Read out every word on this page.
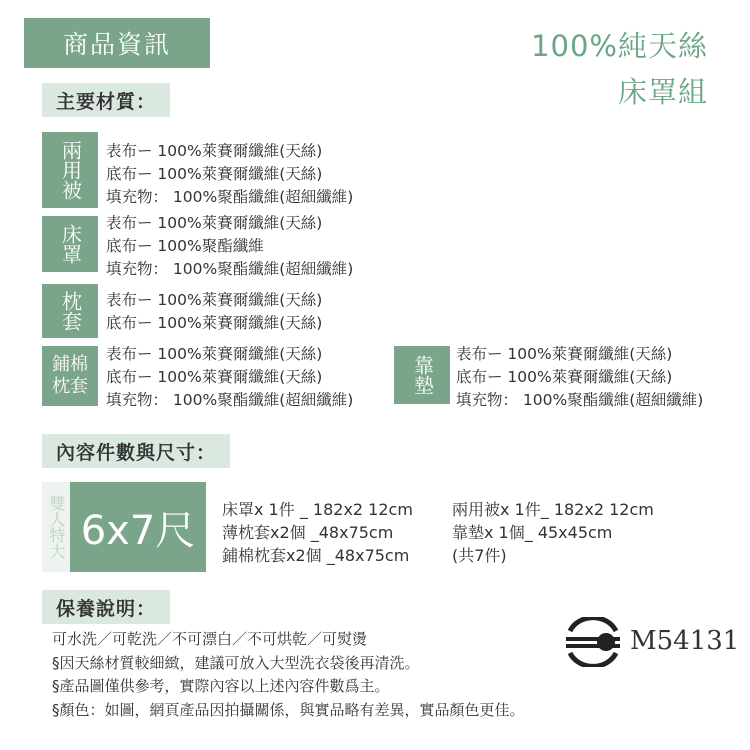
商品資訊	100%純天絲
床罩組
主要材質：
兩用被	表布ー 100%萊賽爾纖維(天絲)
底布ー 100%萊賽爾纖維(天絲)
填充物： 100%聚酯纖維(超細纖維)
床罩
表布ー 100%萊賽爾纖維(天絲)
底布ー 100%聚酯纖維
填充物： 100%聚酯纖維(超細纖維)
枕套	表布ー 100%萊賽爾纖維(天絲)
底布ー 100%萊賽爾纖維(天絲)
鋪棉
枕套
表布ー 100%萊賽爾纖維(天絲)
底布ー 100%萊賽爾纖維(天絲)
填充物： 100%聚酯纖維(超細纖維)
靠墊
表布ー 100%萊賽爾纖維(天絲)
底布ー 100%萊賽爾纖維(天絲)
填充物： 100%聚酯纖維(超細纖維)
內容件數與尺寸：
雙人特大 6x7尺	床罩x 1件 _ 182x2 12cm
薄枕套x2個 _48x75cm
鋪棉枕套x2個 _48x75cm
兩用被x 1件_ 182x2 12cm
靠墊x 1個_ 45x45cm
(共7件)
保養說明：
可水洗／可乾洗／不可漂白／不可烘乾／可熨燙
§因天絲材質較細緻，建議可放入大型洗衣袋後再清洗。
§產品圖僅供參考，實際內容以上述內容件數爲主。
§顏色：如圖，網頁產品因拍攝關係，與實品略有差異，實品顏色更佳。
M54131
